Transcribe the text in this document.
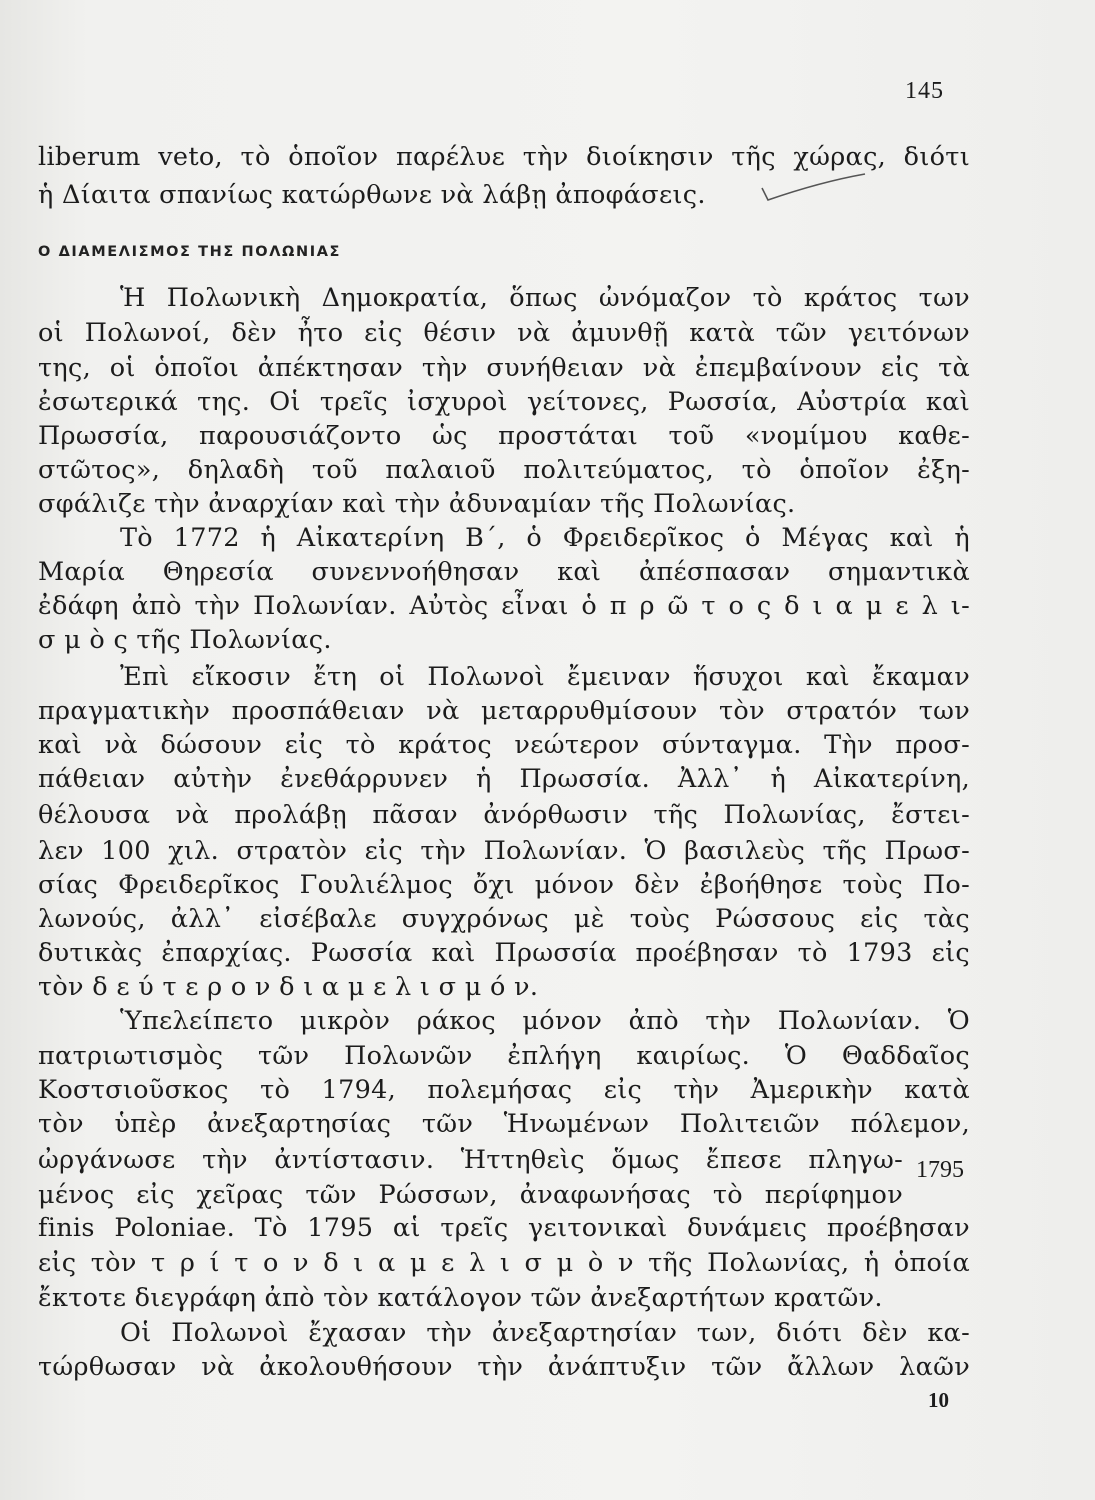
145
liberum veto, τὸ ὁποῖον παρέλυε τὴν διοίκησιν τῆς χώρας, διότι
ἡ Δίαιτα σπανίως κατώρθωνε νὰ λάβῃ ἀποφάσεις.
Ο ΔΙΑΜΕΛΙΣΜΟΣ ΤΗΣ ΠΟΛΩΝΙΑΣ
Ἡ Πολωνικὴ Δημοκρατία, ὅπως ὠνόμαζον τὸ κράτος των
οἱ Πολωνοί, δὲν ἦτο εἰς θέσιν νὰ ἀμυνθῇ κατὰ τῶν γειτόνων
της, οἱ ὁποῖοι ἀπέκτησαν τὴν συνήθειαν νὰ ἐπεμβαίνουν εἰς τὰ
ἐσωτερικά της. Οἱ τρεῖς ἰσχυροὶ γείτονες, Ρωσσία, Αὐστρία καὶ
Πρωσσία, παρουσιάζοντο ὡς προστάται τοῦ «νομίμου καθε-
στῶτος», δηλαδὴ τοῦ παλαιοῦ πολιτεύματος, τὸ ὁποῖον ἐξη-
σφάλιζε τὴν ἀναρχίαν καὶ τὴν ἀδυναμίαν τῆς Πολωνίας.
Τὸ 1772 ἡ Αἰκατερίνη Β΄, ὁ Φρειδερῖκος ὁ Μέγας καὶ ἡ
Μαρία Θηρεσία συνεννοήθησαν καὶ ἀπέσπασαν σημαντικὰ
ἐδάφη ἀπὸ τὴν Πολωνίαν. Αὐτὸς εἶναι ὁ π ρ ῶ τ ο ς δ ι α μ ε λ ι-
σ μ ὸ ς τῆς Πολωνίας.
Ἐπὶ εἴκοσιν ἔτη οἱ Πολωνοὶ ἔμειναν ἥσυχοι καὶ ἔκαμαν
πραγματικὴν προσπάθειαν νὰ μεταρρυθμίσουν τὸν στρατόν των
καὶ νὰ δώσουν εἰς τὸ κράτος νεώτερον σύνταγμα. Τὴν προσ-
πάθειαν αὐτὴν ἐνεθάρρυνεν ἡ Πρωσσία. Ἀλλ᾽ ἡ Αἰκατερίνη,
θέλουσα νὰ προλάβῃ πᾶσαν ἀνόρθωσιν τῆς Πολωνίας, ἔστει-
λεν 100 χιλ. στρατὸν εἰς τὴν Πολωνίαν. Ὁ βασιλεὺς τῆς Πρωσ-
σίας Φρειδερῖκος Γουλιέλμος ὄχι μόνον δὲν ἐβοήθησε τοὺς Πο-
λωνούς, ἀλλ᾽ εἰσέβαλε συγχρόνως μὲ τοὺς Ρώσσους εἰς τὰς
δυτικὰς ἐπαρχίας. Ρωσσία καὶ Πρωσσία προέβησαν τὸ 1793 εἰς
τὸν δ ε ύ τ ε ρ ο ν δ ι α μ ε λ ι σ μ ό ν.
Ὑπελείπετο μικρὸν ράκος μόνον ἀπὸ τὴν Πολωνίαν. Ὁ
πατριωτισμὸς τῶν Πολωνῶν ἐπλήγη καιρίως. Ὁ Θαδδαῖος
Κοστσιοῦσκος τὸ 1794, πολεμήσας εἰς τὴν Ἀμερικὴν κατὰ
τὸν ὑπὲρ ἀνεξαρτησίας τῶν Ἡνωμένων Πολιτειῶν πόλεμον,
ὠργάνωσε τὴν ἀντίστασιν. Ἡττηθεὶς ὅμως ἔπεσε πληγω-
μένος εἰς χεῖρας τῶν Ρώσσων, ἀναφωνήσας τὸ περίφημον
finis Poloniae. Τὸ 1795 αἱ τρεῖς γειτονικαὶ δυνάμεις προέβησαν
εἰς τὸν τ ρ ί τ ο ν δ ι α μ ε λ ι σ μ ὸ ν τῆς Πολωνίας, ἡ ὁποία
ἔκτοτε διεγράφη ἀπὸ τὸν κατάλογον τῶν ἀνεξαρτήτων κρατῶν.
Οἱ Πολωνοὶ ἔχασαν τὴν ἀνεξαρτησίαν των, διότι δὲν κα-
τώρθωσαν νὰ ἀκολουθήσουν τὴν ἀνάπτυξιν τῶν ἄλλων λαῶν
1795
10
